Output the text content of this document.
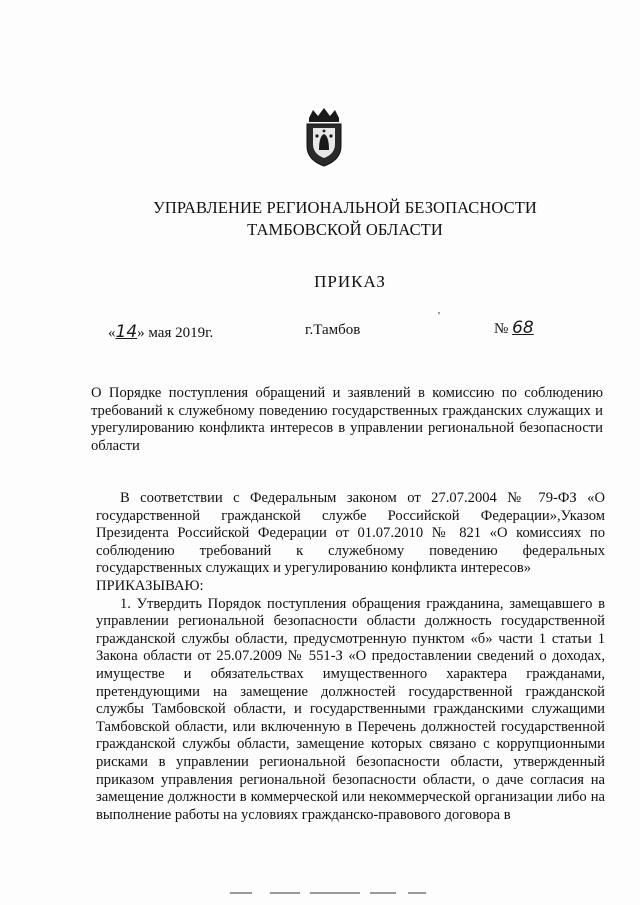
УПРАВЛЕНИЕ РЕГИОНАЛЬНОЙ БЕЗОПАСНОСТИ
ТАМБОВСКОЙ ОБЛАСТИ
ПРИКАЗ
'
«14» мая 2019г.	г.Тамбов	№ 68
О Порядке поступления обращений и заявлений в комиссию по соблюдению требований к служебному поведению государственных гражданских служащих и урегулированию конфликта интересов в управлении региональной безопасности области

В соответствии с Федеральным законом от 27.07.2004 № 79-ФЗ «О государственной гражданской службе Российской Федерации»,Указом Президента Российской Федерации от 01.07.2010 № 821 «О комиссиях по соблюдению требований к служебному поведению федеральных государственных служащих и урегулированию конфликта интересов»

ПРИКАЗЫВАЮ:

1. Утвердить Порядок поступления обращения гражданина, замещавшего в управлении региональной безопасности области должность государственной гражданской службы области, предусмотренную пунктом «б» части 1 статьи 1 Закона области от 25.07.2009 № 551-З «О предоставлении сведений о доходах, имуществе и обязательствах имущественного характера гражданами, претендующими на замещение должностей государственной гражданской службы Тамбовской области, и государственными гражданскими служащими Тамбовской области, или включенную в Перечень должностей государственной гражданской службы области, замещение которых связано с коррупционными рисками в управлении региональной безопасности области, утвержденный приказом управления региональной безопасности области, о даче согласия на замещение должности в коммерческой или некоммерческой организации либо на выполнение работы на условиях гражданско-правового договора в
